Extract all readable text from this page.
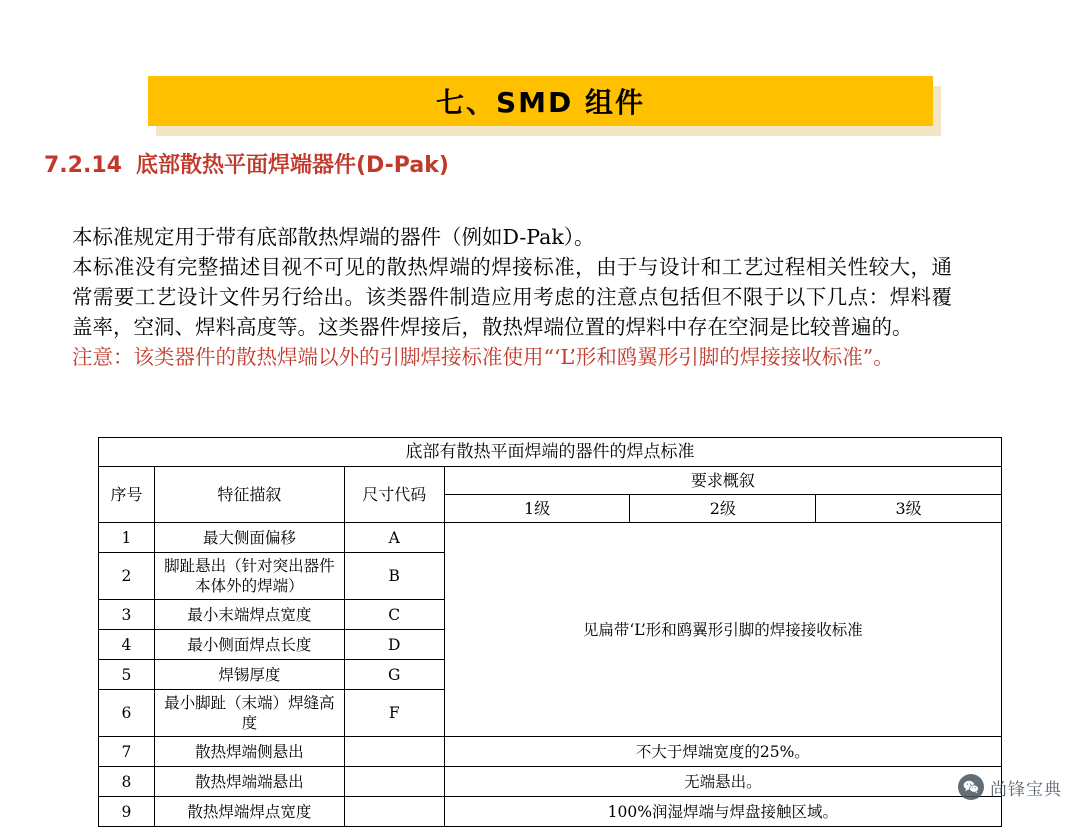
七、SMD 组件
7.2.14 底部散热平面焊端器件(D-Pak)

本标准规定用于带有底部散热焊端的器件（例如D-Pak）。

本标准没有完整描述目视不可见的散热焊端的焊接标准，由于与设计和工艺过程相关性较大，通常需要工艺设计文件另行给出。该类器件制造应用考虑的注意点包括但不限于以下几点：焊料覆盖率，空洞、焊料高度等。这类器件焊接后，散热焊端位置的焊料中存在空洞是比较普遍的。

注意：该类器件的散热焊端以外的引脚焊接标准使用“‘L’形和鸥翼形引脚的焊接接收标准”。

底部有散热平面焊端的器件的焊点标准					
序号	特征描叙	尺寸代码	要求概叙		
			1级	2级	3级
1	最大侧面偏移	A	见扁带‘L’形和鸥翼形引脚的焊接接收标准		
2	脚趾悬出（针对突出器件本体外的焊端）	B			
3	最小末端焊点宽度	C			
4	最小侧面焊点长度	D			
5	焊锡厚度	G			
6	最小脚趾（末端）焊缝高度	F			
7	散热焊端侧悬出		不大于焊端宽度的25%。		
8	散热焊端端悬出		无端悬出。		
9	散热焊端焊点宽度		100%润湿焊端与焊盘接触区域。		
尚锋宝典
